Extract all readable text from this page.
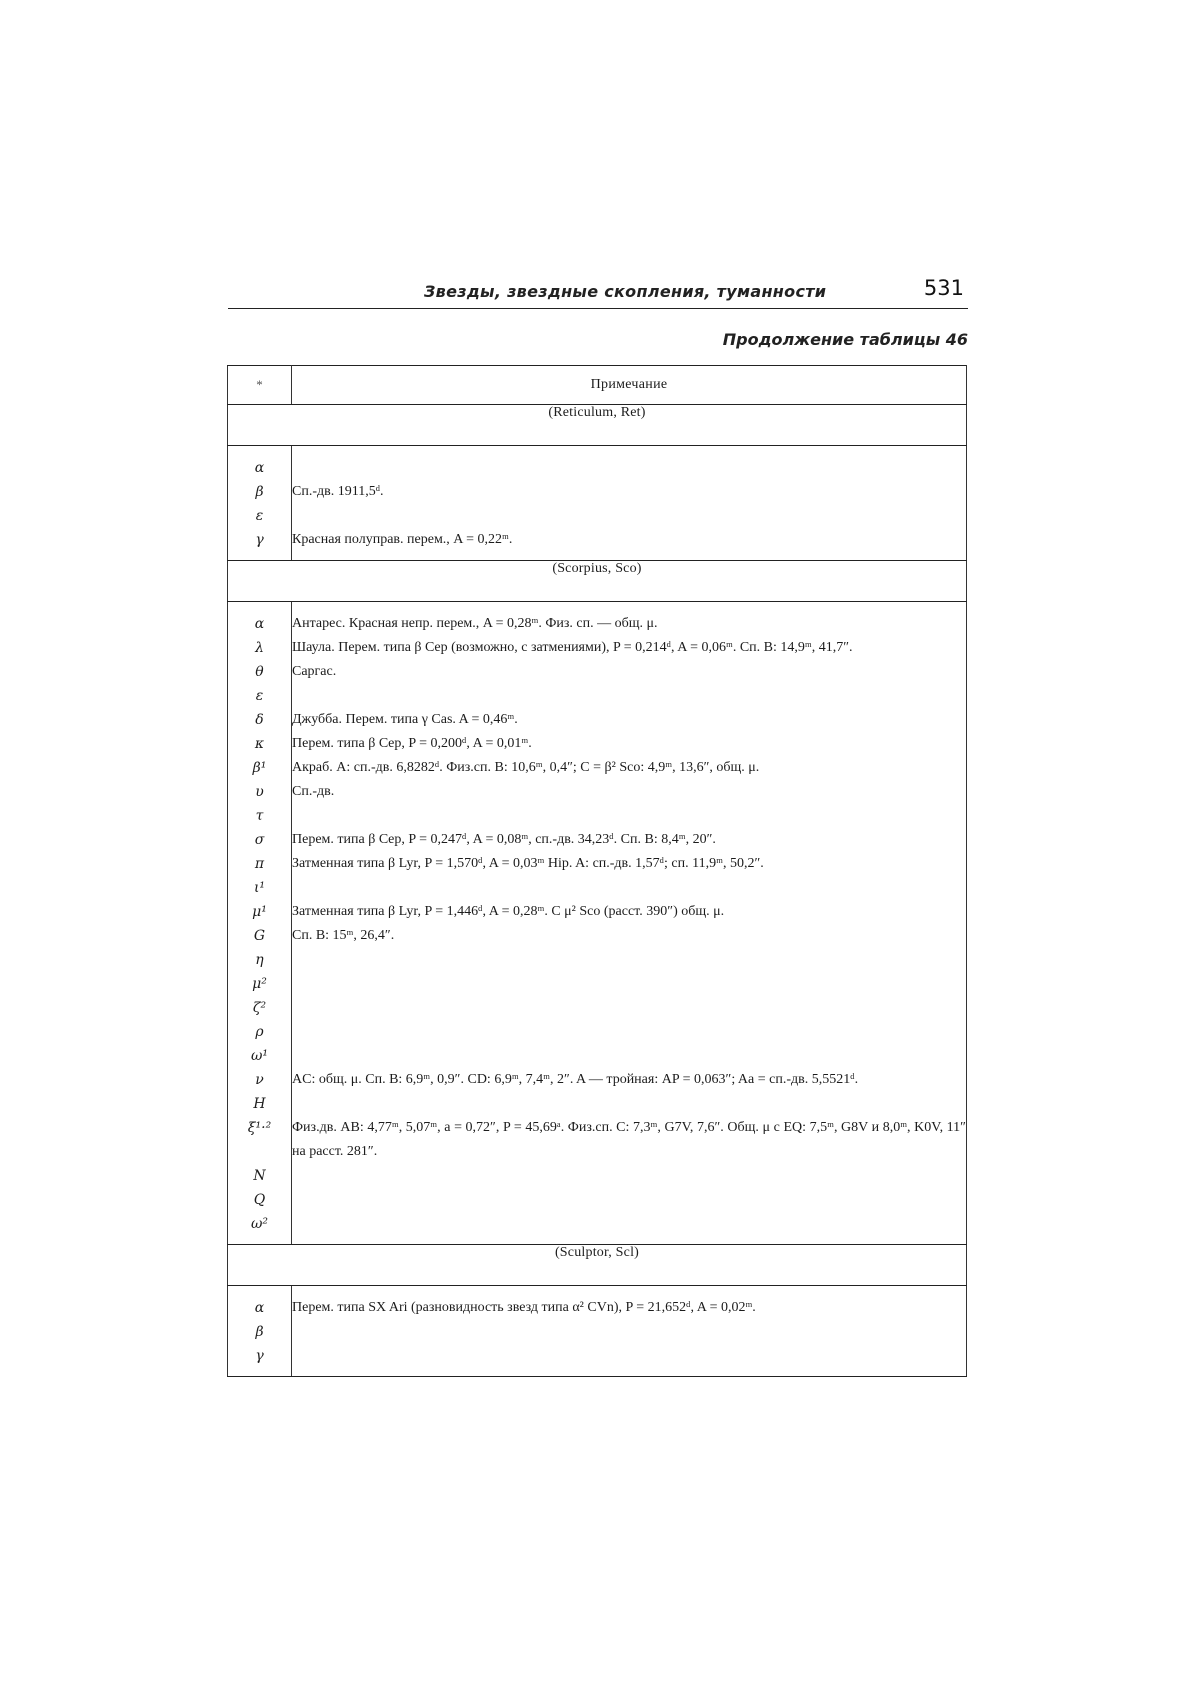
Звезды, звездные скопления, туманности	531
Продолжение таблицы 46
*	Примечание
(Reticulum, Ret)	
α	
β	Сп.-дв. 1911,5ᵈ.
ε	
γ	Красная полуправ. перем., A = 0,22ᵐ.
(Scorpius, Sco)	
α	Антарес. Красная непр. перем., A = 0,28ᵐ. Физ. сп. — общ. μ.
λ	Шаула. Перем. типа β Cep (возможно, с затмениями), P = 0,214ᵈ, A = 0,06ᵐ. Сп. B: 14,9ᵐ, 41,7″.
θ	Саргас.
ε	
δ	Джубба. Перем. типа γ Cas. A = 0,46ᵐ.
κ	Перем. типа β Cep, P = 0,200ᵈ, A = 0,01ᵐ.
β¹	Акраб. A: сп.-дв. 6,8282ᵈ. Физ.сп. B: 10,6ᵐ, 0,4″; C = β² Sco: 4,9ᵐ, 13,6″, общ. μ.
υ	Сп.-дв.
τ	
σ	Перем. типа β Cep, P = 0,247ᵈ, A = 0,08ᵐ, сп.-дв. 34,23ᵈ. Сп. B: 8,4ᵐ, 20″.
π	Затменная типа β Lyr, P = 1,570ᵈ, A = 0,03ᵐ Hip. A: сп.-дв. 1,57ᵈ; сп. 11,9ᵐ, 50,2″.
ι¹	
μ¹	Затменная типа β Lyr, P = 1,446ᵈ, A = 0,28ᵐ. С μ² Sco (расст. 390″) общ. μ.
G	Сп. B: 15ᵐ, 26,4″.
η	
μ²	
ζ²	
ρ	
ω¹	
ν	AC: общ. μ. Сп. B: 6,9ᵐ, 0,9″. CD: 6,9ᵐ, 7,4ᵐ, 2″. A — тройная: AP = 0,063″; Aa = сп.-дв. 5,5521ᵈ.
H	
ξ¹·²	Физ.дв. AB: 4,77ᵐ, 5,07ᵐ, a = 0,72″, P = 45,69ᵃ. Физ.сп. C: 7,3ᵐ, G7V, 7,6″. Общ. μ с EQ: 7,5ᵐ, G8V и 8,0ᵐ, K0V, 11″ на расст. 281″.
N	
Q	
ω²	
(Sculptor, Scl)	
α	Перем. типа SX Ari (разновидность звезд типа α² CVn), P = 21,652ᵈ, A = 0,02ᵐ.
β	
γ	
